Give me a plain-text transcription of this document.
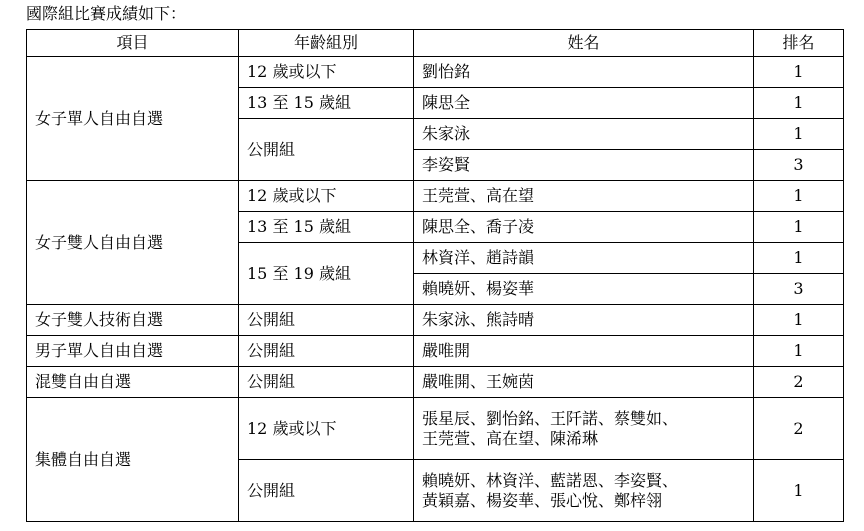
國際組比賽成績如下：
項目	年齡組別	姓名	排名
女子單人自由自選	12 歲或以下	劉怡銘	1
	13 至 15 歲組	陳思全	1
	公開組	朱家泳	1
		李姿賢	3
女子雙人自由自選	12 歲或以下	王莞萱、高在望	1
	13 至 15 歲組	陳思全、喬子凌	1
	15 至 19 歲組	林資洋、趙詩韻	1
		賴曉妍、楊姿華	3
女子雙人技術自選	公開組	朱家泳、熊詩晴	1
男子單人自由自選	公開組	嚴唯開	1
混雙自由自選	公開組	嚴唯開、王婉茵	2
集體自由自選	12 歲或以下	張星辰、劉怡銘、王阡諾、蔡雙如、
王莞萱、高在望、陳浠琳	2
	公開組	賴曉妍、林資洋、藍諾恩、李姿賢、
黃穎嘉、楊姿華、張心悅、鄭梓翎	1
